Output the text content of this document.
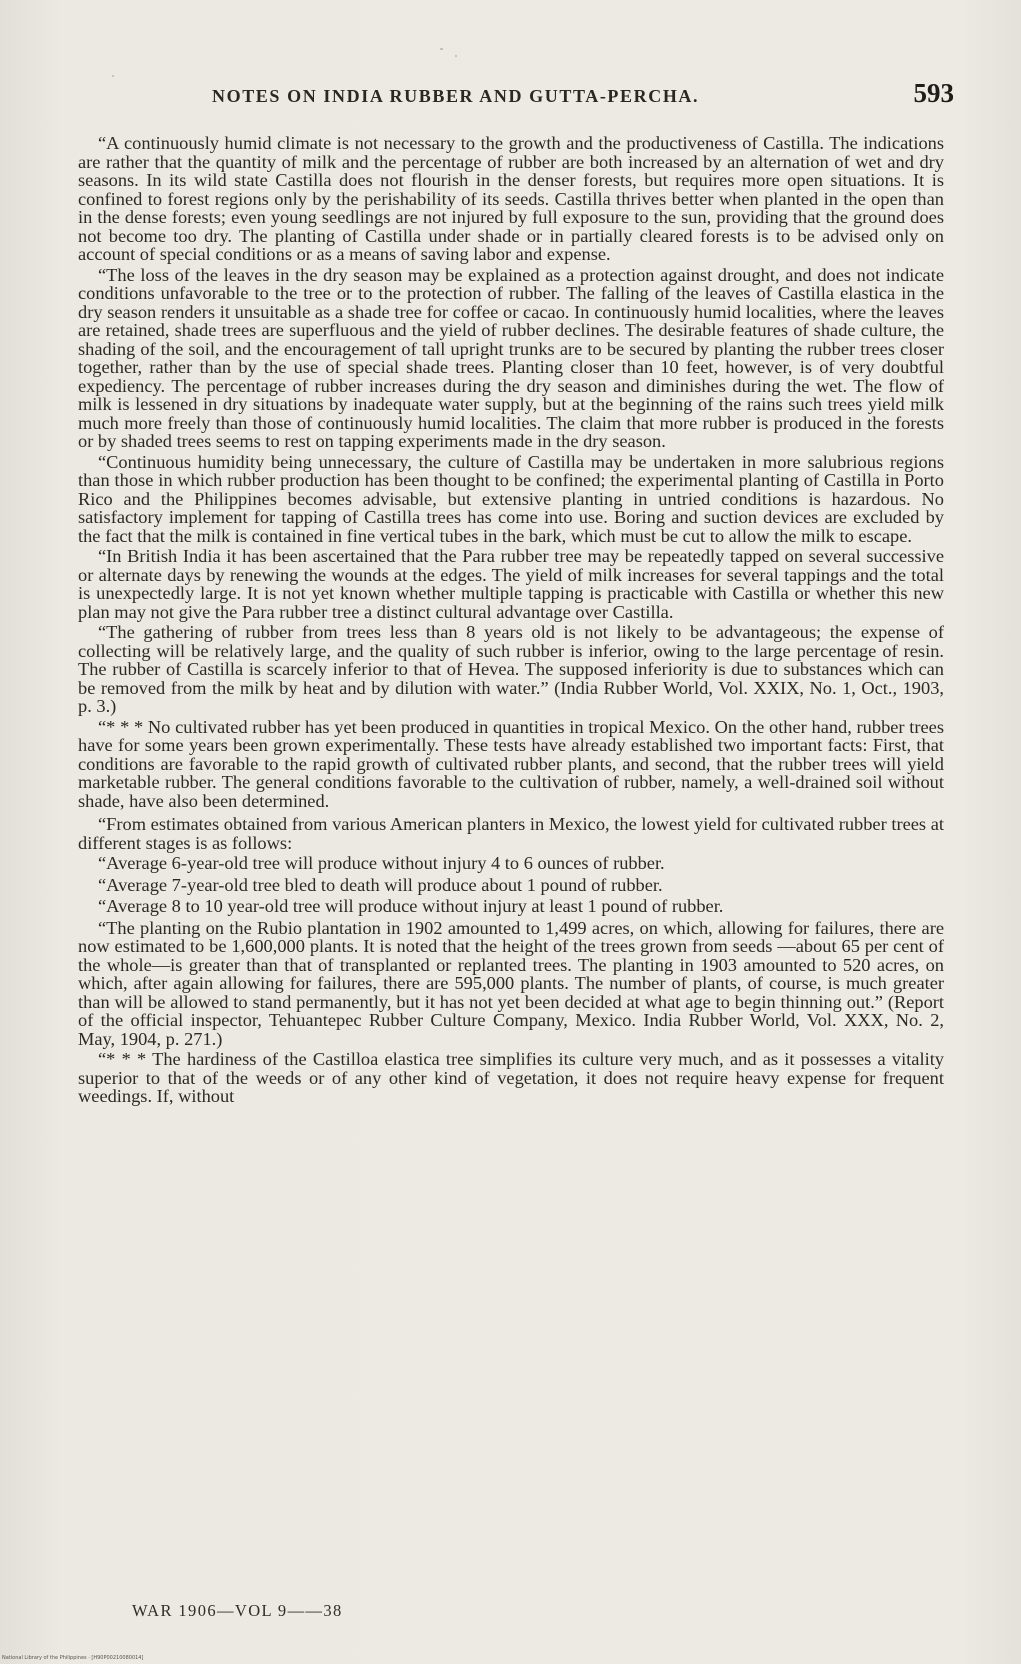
NOTES ON INDIA RUBBER AND GUTTA-PERCHA.	593

“A continuously humid climate is not necessary to the growth and the productiveness of Castilla. The indications are rather that the quantity of milk and the percentage of rubber are both increased by an alternation of wet and dry seasons. In its wild state Castilla does not flourish in the denser forests, but requires more open situations. It is confined to forest regions only by the perishability of its seeds. Castilla thrives better when planted in the open than in the dense forests; even young seedlings are not injured by full exposure to the sun, providing that the ground does not become too dry. The planting of Castilla under shade or in partially cleared forests is to be advised only on account of special conditions or as a means of saving labor and expense.

“The loss of the leaves in the dry season may be explained as a protection against drought, and does not indicate conditions unfavorable to the tree or to the protection of rubber. The falling of the leaves of Castilla elastica in the dry season renders it unsuitable as a shade tree for coffee or cacao. In continuously humid localities, where the leaves are retained, shade trees are superfluous and the yield of rubber declines. The desirable features of shade culture, the shading of the soil, and the encouragement of tall upright trunks are to be secured by planting the rubber trees closer together, rather than by the use of special shade trees. Planting closer than 10 feet, however, is of very doubtful expediency. The percentage of rubber increases during the dry season and diminishes during the wet. The flow of milk is lessened in dry situations by inadequate water supply, but at the beginning of the rains such trees yield milk much more freely than those of continuously humid localities. The claim that more rubber is produced in the forests or by shaded trees seems to rest on tapping experiments made in the dry season.

“Continuous humidity being unnecessary, the culture of Castilla may be undertaken in more salubrious regions than those in which rubber production has been thought to be confined; the experimental planting of Castilla in Porto Rico and the Philippines becomes advisable, but extensive planting in untried conditions is hazardous. No satisfactory implement for tapping of Castilla trees has come into use. Boring and suction devices are excluded by the fact that the milk is contained in fine vertical tubes in the bark, which must be cut to allow the milk to escape.

“In British India it has been ascertained that the Para rubber tree may be repeatedly tapped on several successive or alternate days by renewing the wounds at the edges. The yield of milk increases for several tappings and the total is unexpectedly large. It is not yet known whether multiple tapping is practicable with Castilla or whether this new plan may not give the Para rubber tree a distinct cultural advantage over Castilla.

“The gathering of rubber from trees less than 8 years old is not likely to be advantageous; the expense of collecting will be relatively large, and the quality of such rubber is inferior, owing to the large percentage of resin. The rubber of Castilla is scarcely inferior to that of Hevea. The supposed inferiority is due to substances which can be removed from the milk by heat and by dilution with water.” (India Rubber World, Vol. XXIX, No. 1, Oct., 1903, p. 3.)

“* * * No cultivated rubber has yet been produced in quantities in tropical Mexico. On the other hand, rubber trees have for some years been grown experimentally. These tests have already established two important facts: First, that conditions are favorable to the rapid growth of cultivated rubber plants, and second, that the rubber trees will yield marketable rubber. The general conditions favorable to the cultivation of rubber, namely, a well-drained soil without shade, have also been determined.

“From estimates obtained from various American planters in Mexico, the lowest yield for cultivated rubber trees at different stages is as follows:

“Average 6-year-old tree will produce without injury 4 to 6 ounces of rubber.

“Average 7-year-old tree bled to death will produce about 1 pound of rubber.

“Average 8 to 10 year-old tree will produce without injury at least 1 pound of rubber.

“The planting on the Rubio plantation in 1902 amounted to 1,499 acres, on which, allowing for failures, there are now estimated to be 1,600,000 plants. It is noted that the height of the trees grown from seeds —about 65 per cent of the whole—is greater than that of transplanted or replanted trees. The planting in 1903 amounted to 520 acres, on which, after again allowing for failures, there are 595,000 plants. The number of plants, of course, is much greater than will be allowed to stand permanently, but it has not yet been decided at what age to begin thinning out.” (Report of the official inspector, Tehuantepec Rubber Culture Company, Mexico. India Rubber World, Vol. XXX, No. 2, May, 1904, p. 271.)

“* * * The hardiness of the Castilloa elastica tree simplifies its culture very much, and as it possesses a vitality superior to that of the weeds or of any other kind of vegetation, it does not require heavy expense for frequent weedings. If, without

WAR 1906—VOL 9——38
National Library of the Philippines · [H90P00210080014]
